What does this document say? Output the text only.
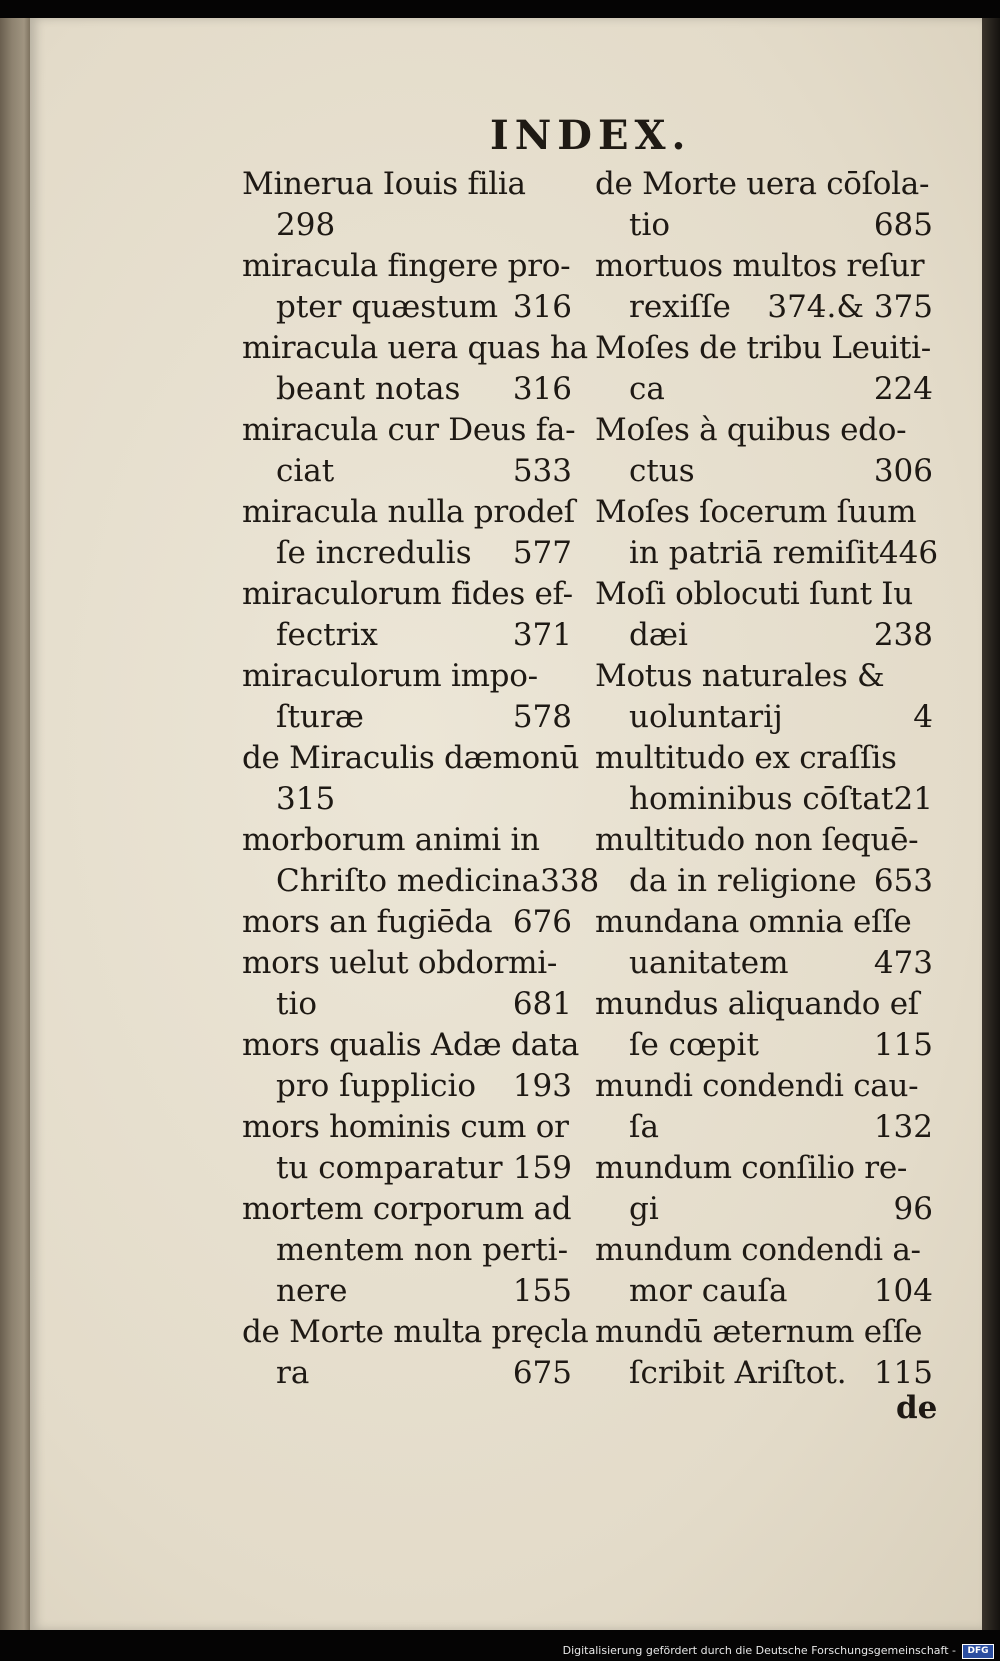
INDEX.
Minerua Iouis filia
298
miracula fingere pro-
pter quæstum 316
miracula uera quas ha
beant notas 316
miracula cur Deus fa-
ciat	533
miracula nulla prodeſ
ſe incredulis 577
miraculorum fides ef-
fectrix	371
miraculorum impo-
ſturæ	578
de Miraculis dæmonū
315
morborum animi in
Chriſto medicina 338
mors an fugiēda 676
mors uelut obdormi-
tio	681
mors qualis Adæ data
pro ſupplicio 193
mors hominis cum or
tu comparatur 159
mortem corporum ad
mentem non perti-
nere	155
de Morte multa pręcla
ra	675
de Morte uera cōſola-
tio	685
mortuos multos reſur
rexiſſe 374.& 375
Moſes de tribu Leuiti-
ca	224
Moſes à quibus edo-
ctus	306
Moſes ſocerum ſuum
in patriā remiſit 446
Moſi oblocuti ſunt Iu
dæi	238
Motus naturales &
uoluntarij	4
multitudo ex craſſis
hominibus cōſtat 21
multitudo non ſequē-
da in religione 653
mundana omnia eſſe
uanitatem	473
mundus aliquando eſ
ſe cœpit	115
mundi condendi cau-
ſa	132
mundum conſilio re-
gi	96
mundum condendi a-
mor cauſa	104
mundū æternum eſſe
ſcribit Ariſtot. 115

de

Digitalisierung gefördert durch die Deutsche Forschungsgemeinschaft -	DFG
